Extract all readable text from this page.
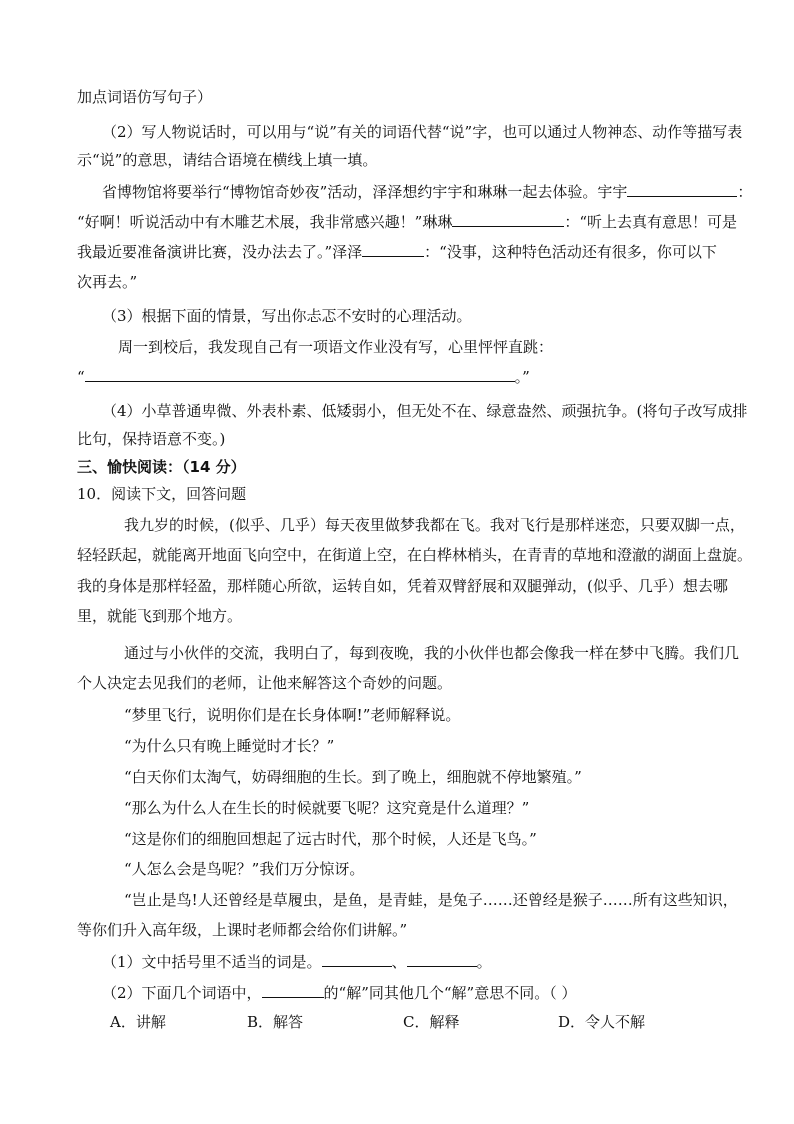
加点词语仿写句子）
（2）写人物说话时，可以用与“说”有关的词语代替“说”字，也可以通过人物神态、动作等描写表
示“说”的意思，请结合语境在横线上填一填。
省博物馆将要举行“博物馆奇妙夜”活动，泽泽想约宇宇和琳琳一起去体验。宇宇	：
“好啊！听说活动中有木雕艺术展，我非常感兴趣！”琳琳	：“听上去真有意思！可是
我最近要准备演讲比赛，没办法去了。”泽泽	：“没事，这种特色活动还有很多，你可以下
次再去。”
（3）根据下面的情景，写出你忐忑不安时的心理活动。
周一到校后，我发现自己有一项语文作业没有写，心里怦怦直跳：
“	。”
（4）小草普通卑微、外表朴素、低矮弱小，但无处不在、绿意盎然、顽强抗争。(将句子改写成排
比句，保持语意不变。)
三、愉快阅读：（14 分）
10．阅读下文，回答问题
我九岁的时候，(似乎、几乎）每天夜里做梦我都在飞。我对飞行是那样迷恋，只要双脚一点，
轻轻跃起，就能离开地面飞向空中，在街道上空，在白桦林梢头，在青青的草地和澄澈的湖面上盘旋。
我的身体是那样轻盈，那样随心所欲，运转自如，凭着双臂舒展和双腿弹动，(似乎、几乎）想去哪
里，就能飞到那个地方。
通过与小伙伴的交流，我明白了，每到夜晚，我的小伙伴也都会像我一样在梦中飞腾。我们几
个人决定去见我们的老师，让他来解答这个奇妙的问题。
“梦里飞行，说明你们是在长身体啊!”老师解释说。
“为什么只有晚上睡觉时才长？”
“白天你们太淘气，妨碍细胞的生长。到了晚上，细胞就不停地繁殖。”
“那么为什么人在生长的时候就要飞呢？这究竟是什么道理？”
“这是你们的细胞回想起了远古时代，那个时候，人还是飞鸟。”
“人怎么会是鸟呢？”我们万分惊讶。
“岂止是鸟!人还曾经是草履虫，是鱼，是青蛙，是兔子……还曾经是猴子……所有这些知识，
等你们升入高年级，上课时老师都会给你们讲解。”
（1）文中括号里不适当的词是。	、	。
（2）下面几个词语中，	的“解”同其他几个“解”意思不同。（ ）
A．讲解	B．解答	C．解释	D．令人不解
